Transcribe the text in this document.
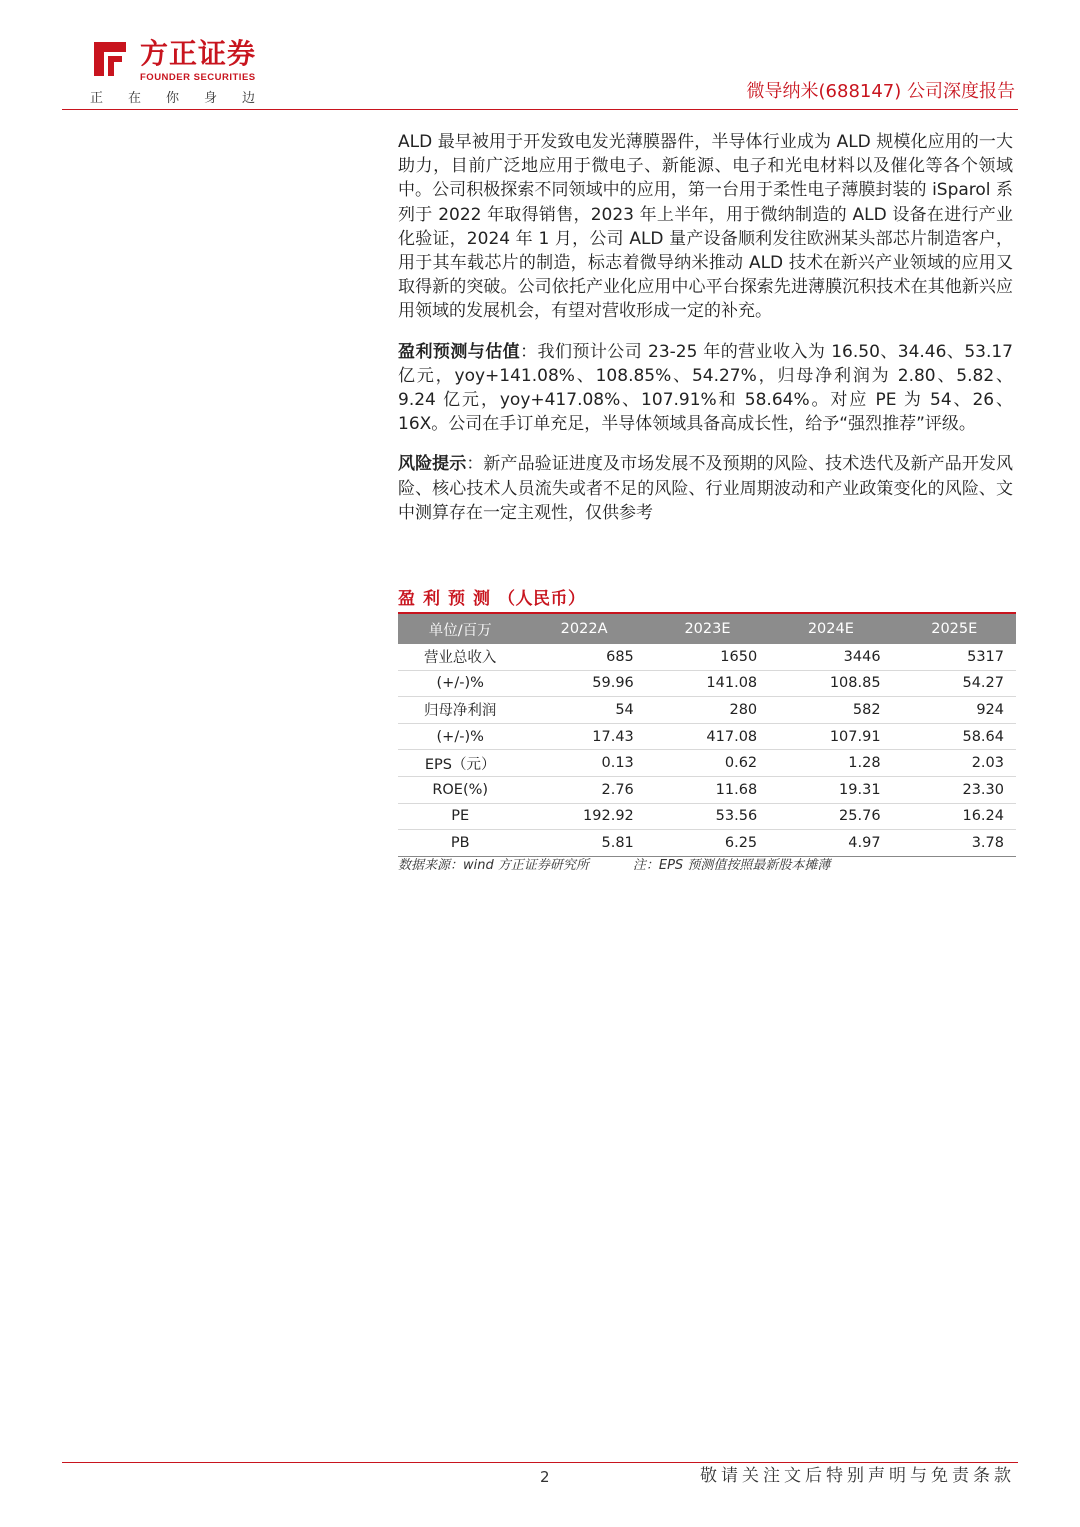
方正证券
FOUNDER SECURITIES
正在你身边	微导纳米(688147) 公司深度报告

ALD 最早被用于开发致电发光薄膜器件，半导体行业成为 ALD 规模化应用的一大助力，目前广泛地应用于微电子、新能源、电子和光电材料以及催化等各个领域中。公司积极探索不同领域中的应用，第一台用于柔性电子薄膜封装的 iSparol 系列于 2022 年取得销售，2023 年上半年，用于微纳制造的 ALD 设备在进行产业化验证，2024 年 1 月，公司 ALD 量产设备顺利发往欧洲某头部芯片制造客户，用于其车载芯片的制造，标志着微导纳米推动 ALD 技术在新兴产业领域的应用又取得新的突破。公司依托产业化应用中心平台探索先进薄膜沉积技术在其他新兴应用领域的发展机会，有望对营收形成一定的补充。

盈利预测与估值：我们预计公司 23-25 年的营业收入为 16.50、34.46、53.17 亿元，yoy+141.08%、108.85%、54.27%，归母净利润为 2.80、5.82、9.24 亿元，yoy+417.08%、107.91%和 58.64%。对应 PE 为 54、26、16X。公司在手订单充足，半导体领域具备高成长性，给予“强烈推荐”评级。

风险提示：新产品验证进度及市场发展不及预期的风险、技术迭代及新产品开发风险、核心技术人员流失或者不足的风险、行业周期波动和产业政策变化的风险、文中测算存在一定主观性，仅供参考

盈利预测（人民币）
单位/百万	2022A	2023E	2024E	2025E
营业总收入	685	1650	3446	5317
(+/-)%	59.96	141.08	108.85	54.27
归母净利润	54	280	582	924
(+/-)%	17.43	417.08	107.91	58.64
EPS（元）	0.13	0.62	1.28	2.03
ROE(%)	2.76	11.68	19.31	23.30
PE	192.92	53.56	25.76	16.24
PB	5.81	6.25	4.97	3.78
数据来源：wind 方正证券研究所	注：EPS 预测值按照最新股本摊薄
2	敬请关注文后特别声明与免责条款
